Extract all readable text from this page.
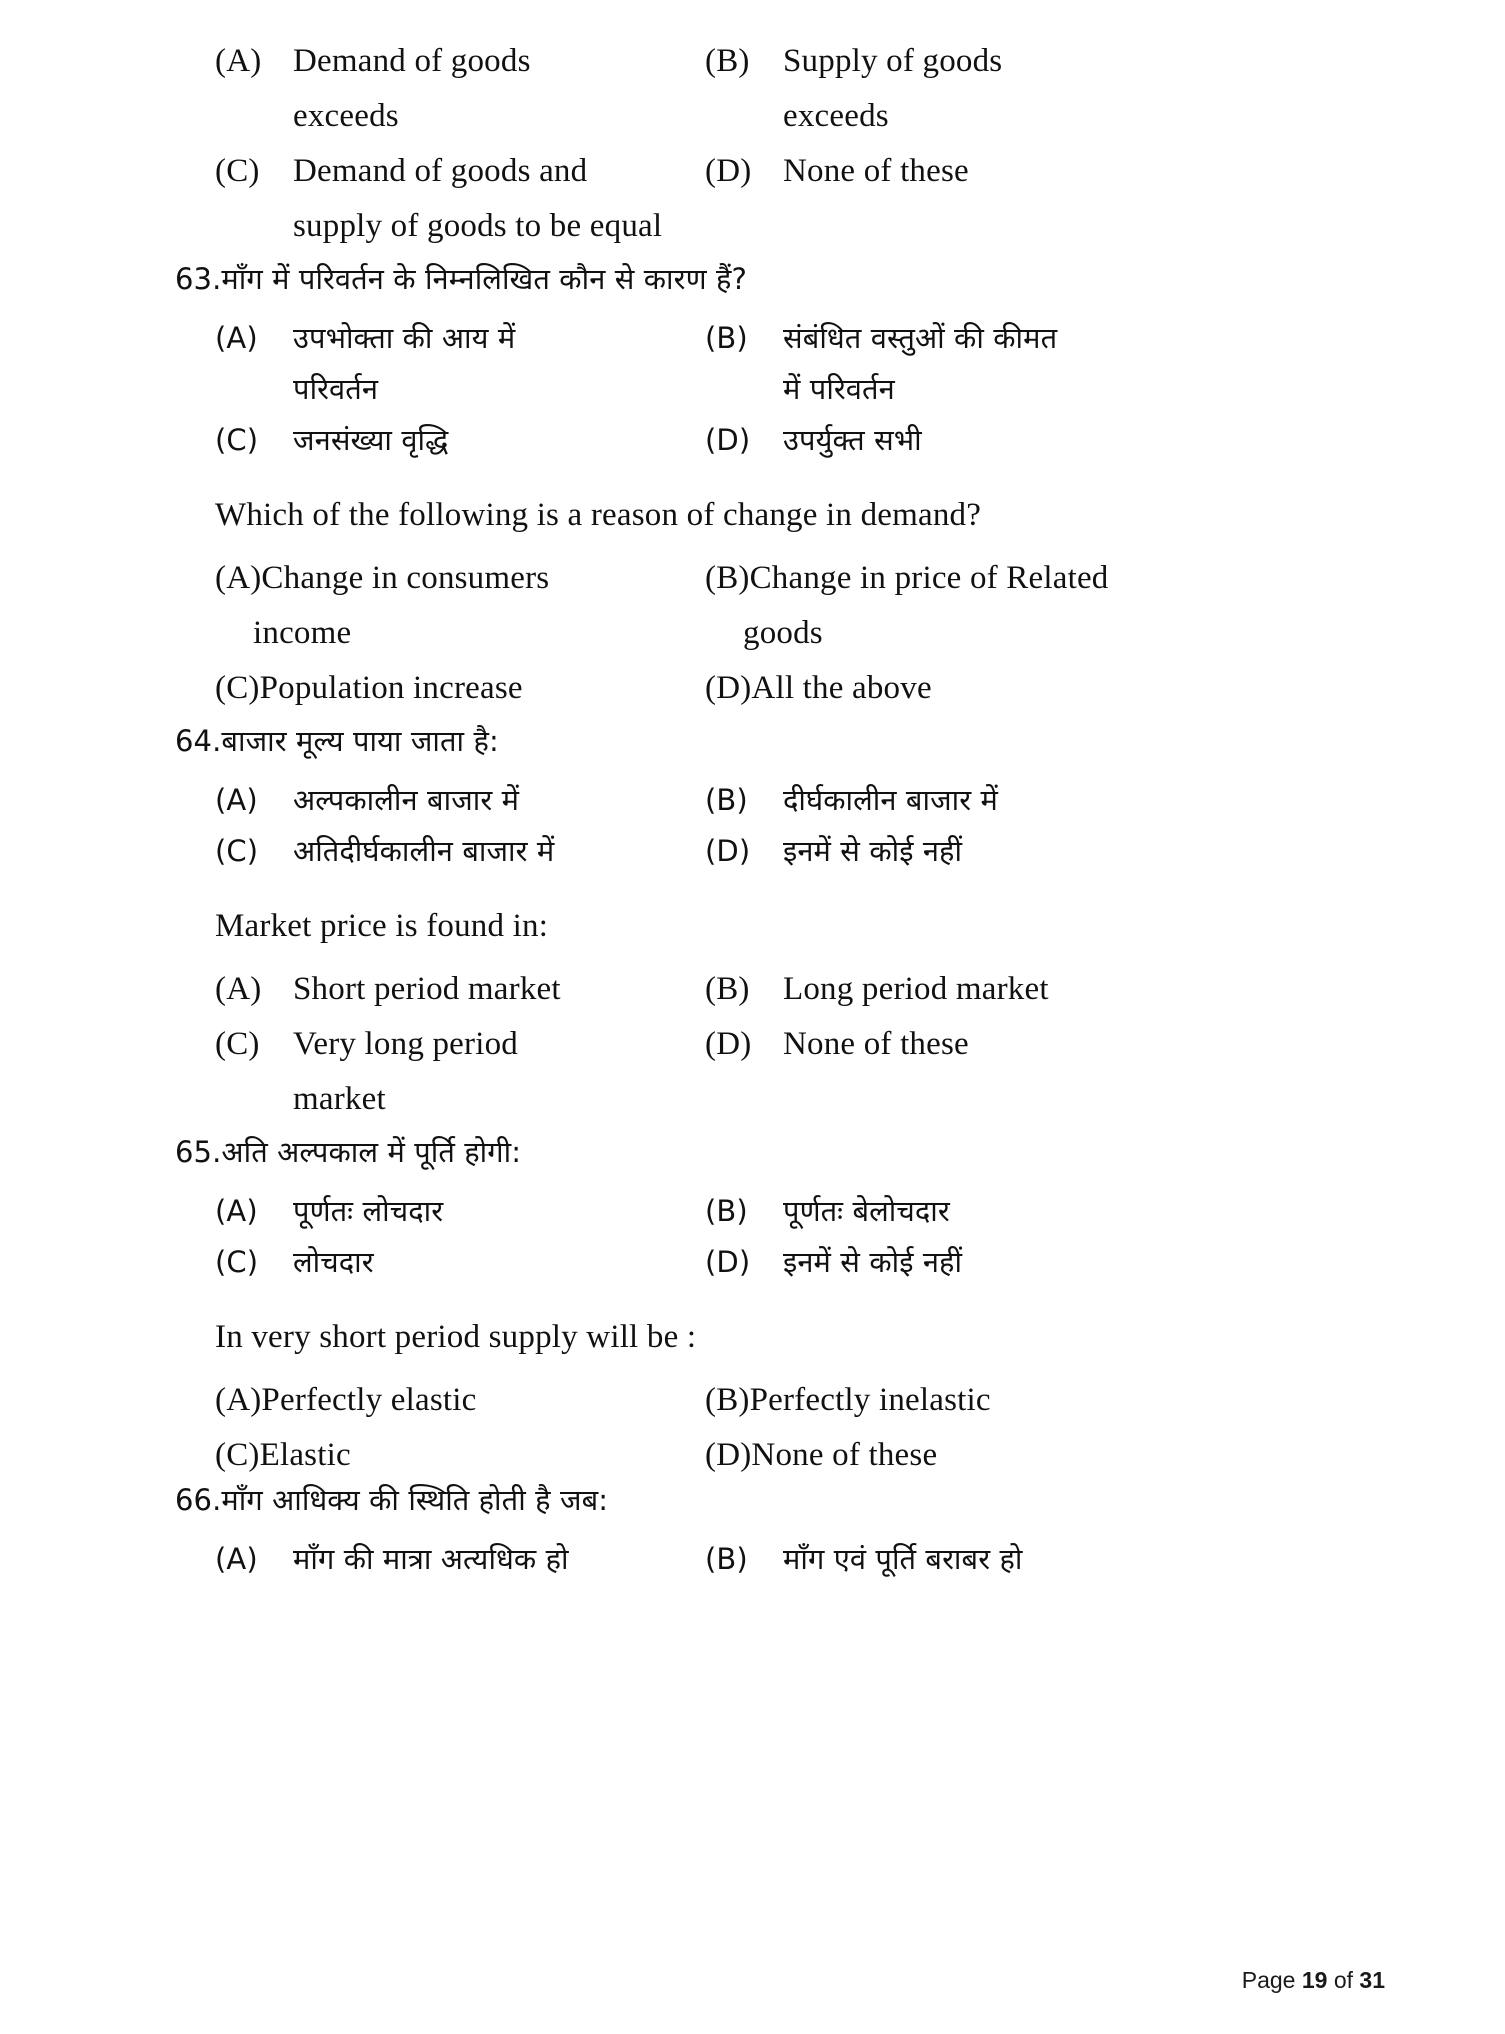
(A) Demand of goods	(B)	Supply of goods
exceeds	exceeds
(C)	Demand of goods and	(D) None of these
supply of goods to be equal
63. माँग में परिवर्तन के निम्नलिखित कौन से कारण हैं?
(A)	उपभोक्ता की आय में	(B)	संबंधित वस्तुओं की कीमत
परिवर्तन	में परिवर्तन
(C)	जनसंख्या वृद्धि	(D)	उपर्युक्त सभी
Which of the following is a reason of change in demand?
(A) Change in consumers	(B) Change in price of Related
income	goods
(C) Population increase	(D) All the above
64. बाजार मूल्य पाया जाता है:
(A)	अल्पकालीन बाजार में	(B)	दीर्घकालीन बाजार में
(C)	अतिदीर्घकालीन बाजार में	(D)	इनमें से कोई नहीं
Market price is found in:
(A) Short period market	(B)	Long period market
(C)	Very long period	(D) None of these
market
65. अति अल्पकाल में पूर्ति होगी:
(A)	पूर्णतः लोचदार	(B)	पूर्णतः बेलोचदार
(C)	लोचदार	(D)	इनमें से कोई नहीं
In very short period supply will be :
(A) Perfectly elastic	(B) Perfectly inelastic
(C) Elastic	(D) None of these
66. माँग आधिक्य की स्थिति होती है जब:
(A)	माँग की मात्रा अत्यधिक हो	(B)	माँग एवं पूर्ति बराबर हो
Page 19 of 31
